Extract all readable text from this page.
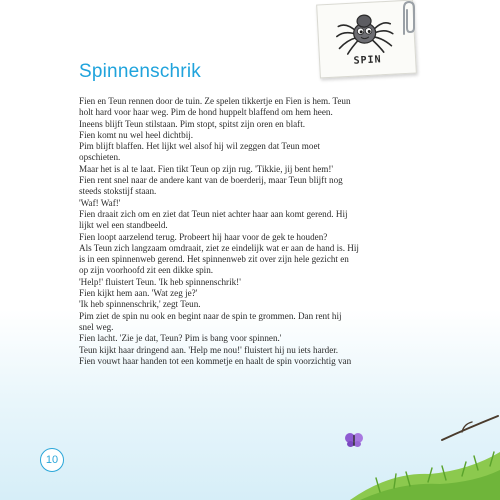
SPIN
Spinnenschrik
Fien en Teun rennen door de tuin. Ze spelen tikkertje en Fien is hem. Teun
holt hard voor haar weg. Pim de hond huppelt blaffend om hem heen.
Ineens blijft Teun stilstaan. Pim stopt, spitst zijn oren en blaft.
Fien komt nu wel heel dichtbij.
Pim blijft blaffen. Het lijkt wel alsof hij wil zeggen dat Teun moet
opschieten.
Maar het is al te laat. Fien tikt Teun op zijn rug. 'Tikkie, jij bent hem!'
Fien rent snel naar de andere kant van de boerderij, maar Teun blijft nog
steeds stokstijf staan.
'Waf! Waf!'
Fien draait zich om en ziet dat Teun niet achter haar aan komt gerend. Hij
lijkt wel een standbeeld.
Fien loopt aarzelend terug. Probeert hij haar voor de gek te houden?
Als Teun zich langzaam omdraait, ziet ze eindelijk wat er aan de hand is. Hij
is in een spinnenweb gerend. Het spinnenweb zit over zijn hele gezicht en
op zijn voorhoofd zit een dikke spin.
'Help!' fluistert Teun. 'Ik heb spinnenschrik!'
Fien kijkt hem aan. 'Wat zeg je?'
'Ik heb spinnenschrik,' zegt Teun.
Pim ziet de spin nu ook en begint naar de spin te grommen. Dan rent hij
snel weg.
Fien lacht. 'Zie je dat, Teun? Pim is bang voor spinnen.'
Teun kijkt haar dringend aan. 'Help me nou!' fluistert hij nu iets harder.
Fien vouwt haar handen tot een kommetje en haalt de spin voorzichtig van
10
